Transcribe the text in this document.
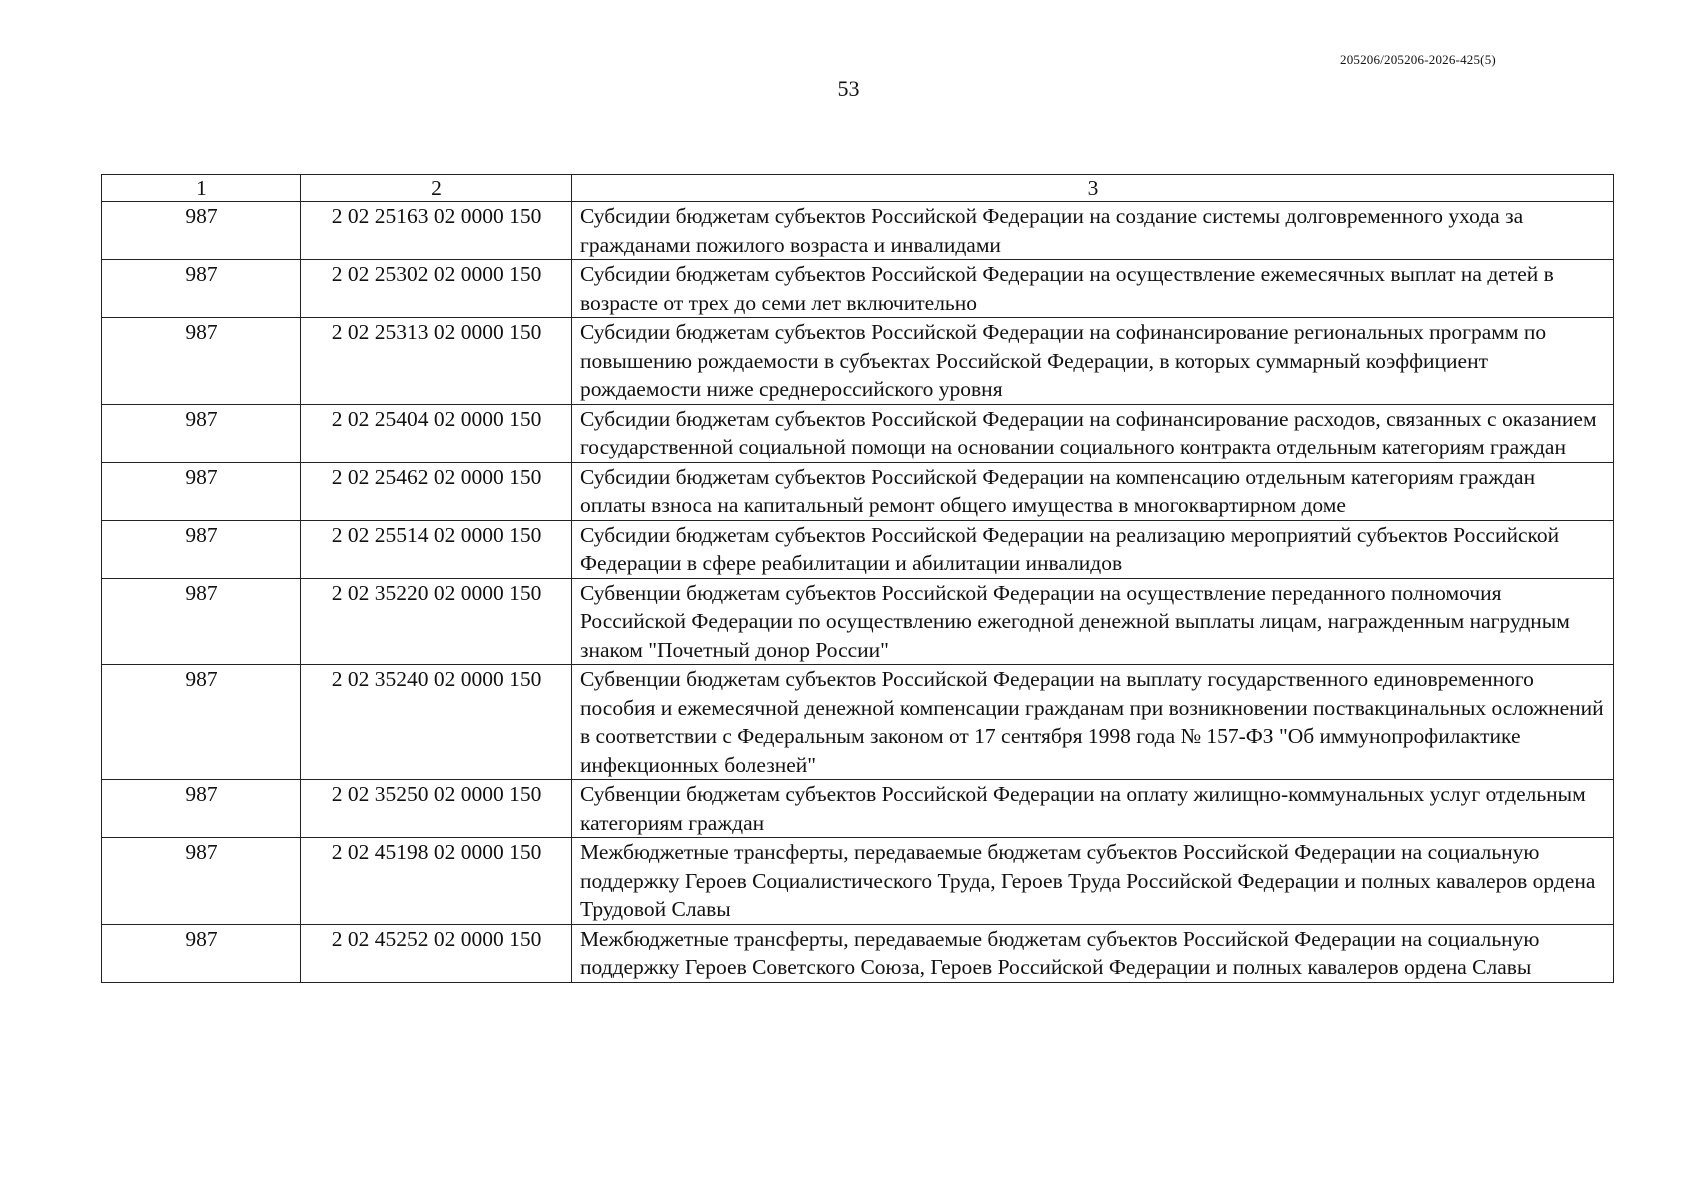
205206/205206-2026-425(5)
53
1	2	3
987	2 02 25163 02 0000 150	Субсидии бюджетам субъектов Российской Федерации на создание системы долговременного ухода за гражданами пожилого возраста и инвалидами
987	2 02 25302 02 0000 150	Субсидии бюджетам субъектов Российской Федерации на осуществление ежемесячных выплат на детей в возрасте от трех до семи лет включительно
987	2 02 25313 02 0000 150	Субсидии бюджетам субъектов Российской Федерации на софинансирование региональных программ по повышению рождаемости в субъектах Российской Федерации, в которых суммарный коэффициент рождаемости ниже среднероссийского уровня
987	2 02 25404 02 0000 150	Субсидии бюджетам субъектов Российской Федерации на софинансирование расходов, связанных с оказанием государственной социальной помощи на основании социального контракта отдельным категориям граждан
987	2 02 25462 02 0000 150	Субсидии бюджетам субъектов Российской Федерации на компенсацию отдельным категориям граждан оплаты взноса на капитальный ремонт общего имущества в многоквартирном доме
987	2 02 25514 02 0000 150	Субсидии бюджетам субъектов Российской Федерации на реализацию мероприятий субъектов Российской Федерации в сфере реабилитации и абилитации инвалидов
987	2 02 35220 02 0000 150	Субвенции бюджетам субъектов Российской Федерации на осуществление переданного полномочия Российской Федерации по осуществлению ежегодной денежной выплаты лицам, награжденным нагрудным знаком "Почетный донор России"
987	2 02 35240 02 0000 150	Субвенции бюджетам субъектов Российской Федерации на выплату государственного единовременного пособия и ежемесячной денежной компенсации гражданам при возникновении поствакцинальных осложнений в соответствии с Федеральным законом от 17 сентября 1998 года № 157-ФЗ "Об иммунопрофилактике инфекционных болезней"
987	2 02 35250 02 0000 150	Субвенции бюджетам субъектов Российской Федерации на оплату жилищно-коммунальных услуг отдельным категориям граждан
987	2 02 45198 02 0000 150	Межбюджетные трансферты, передаваемые бюджетам субъектов Российской Федерации на социальную поддержку Героев Социалистического Труда, Героев Труда Российской Федерации и полных кавалеров ордена Трудовой Славы
987	2 02 45252 02 0000 150	Межбюджетные трансферты, передаваемые бюджетам субъектов Российской Федерации на социальную поддержку Героев Советского Союза, Героев Российской Федерации и полных кавалеров ордена Славы
